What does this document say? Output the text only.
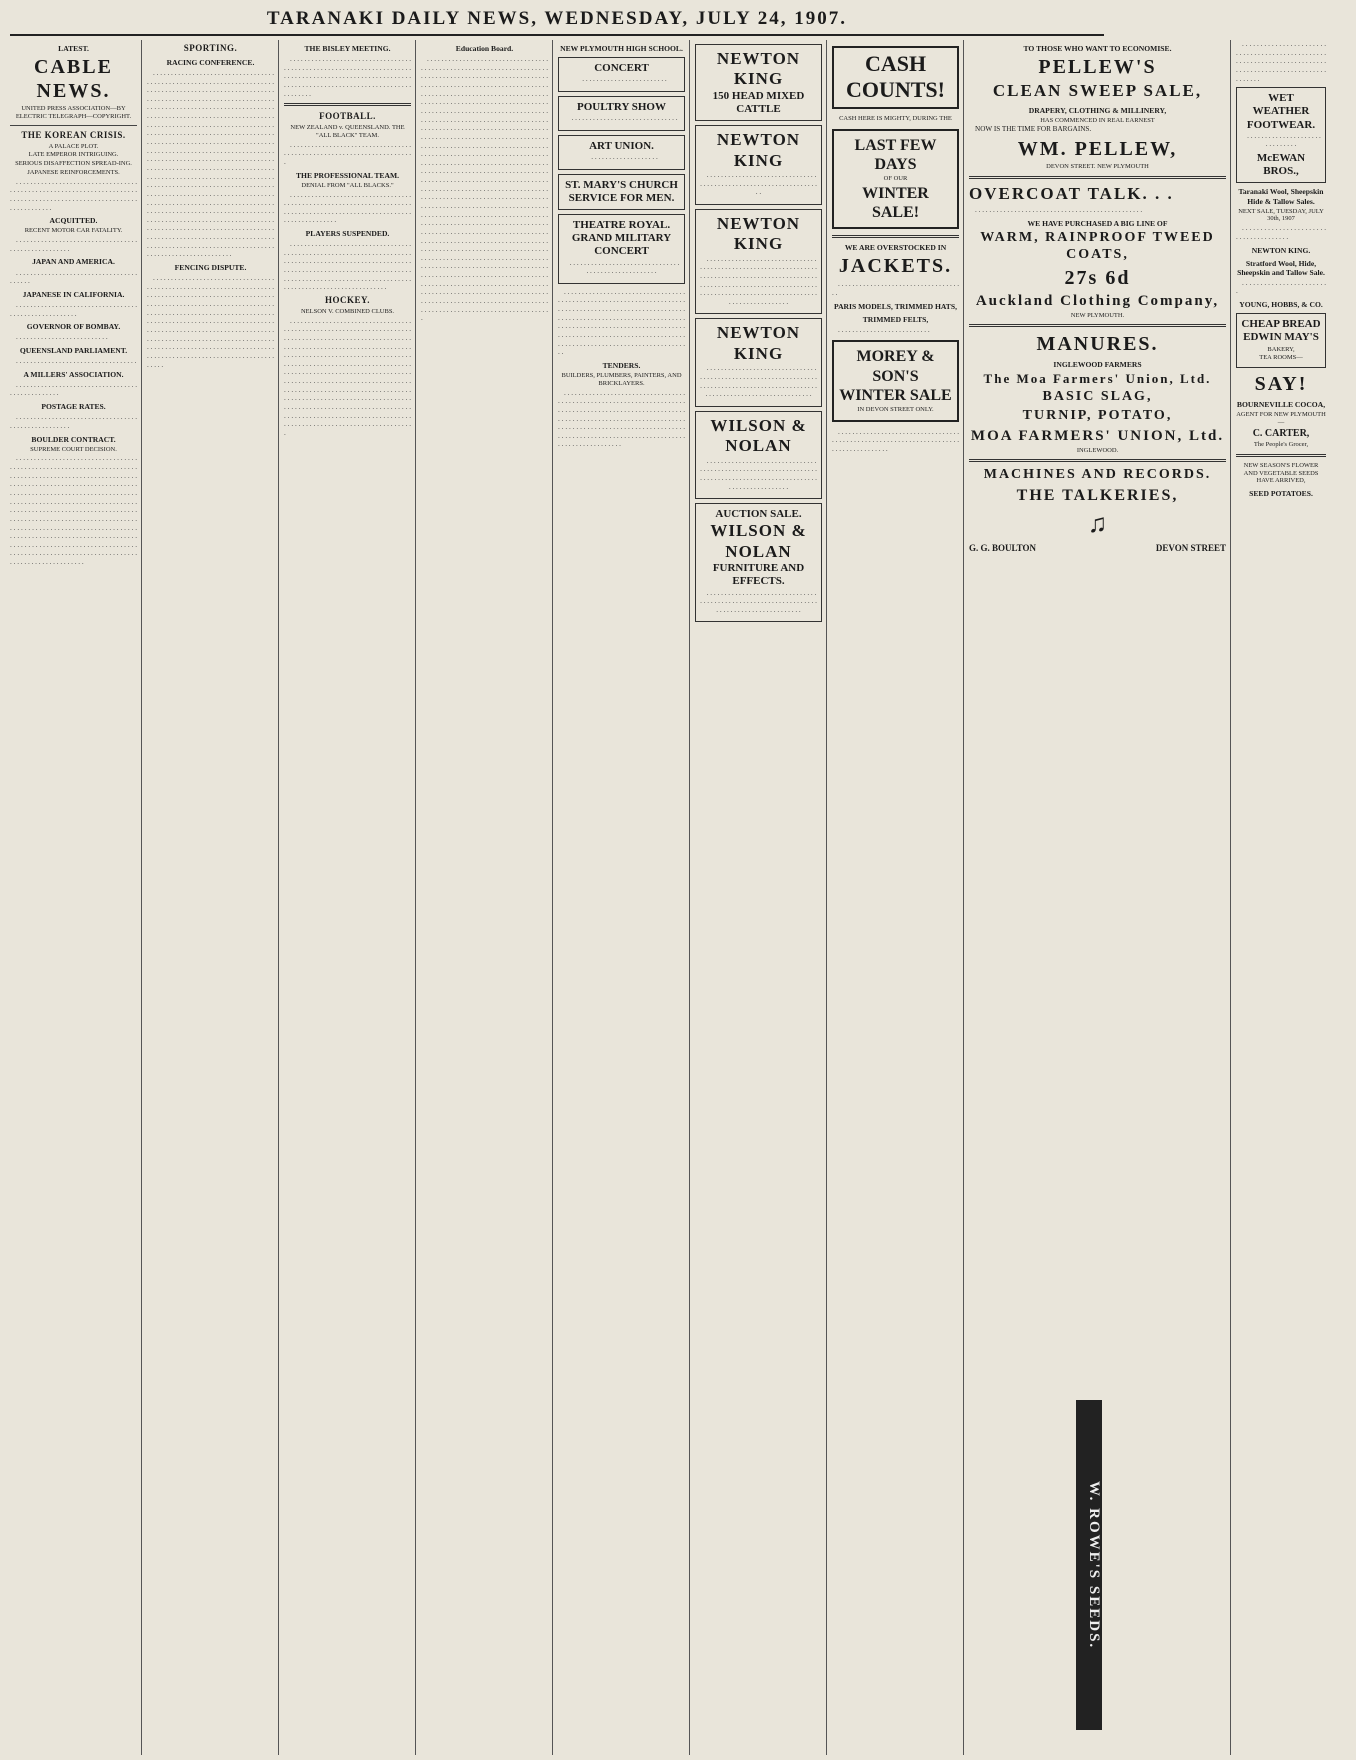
TARANAKI DAILY NEWS, WEDNESDAY, JULY 24, 1907.
LATEST.
CABLE NEWS.
UNITED PRESS ASSOCIATION—BY ELECTRIC TELEGRAPH—COPYRIGHT.
THE KOREAN CRISIS.
A PALACE PLOT.
LATE EMPEROR INTRIGUING.
SERIOUS DISAFFECTION SPREAD-ING.
JAPANESE REINFORCEMENTS.

. . . . . . . . . . . . . . . . . . . . . . . . . . . . . . . . . . . . . . . . . . . . . . . . . . . . . . . . . . . . . . . . . . . . . . . . . . . . . . . . . . . . . . . . . . . . . . . . . . . . . . . . . . . . . . . . . . . .

ACQUITTED.
RECENT MOTOR CAR FATALITY.

. . . . . . . . . . . . . . . . . . . . . . . . . . . . . . . . . . . . . . . . . . . . . . . . . . .

JAPAN AND AMERICA.

. . . . . . . . . . . . . . . . . . . . . . . . . . . . . . . . . . . . . . . .

JAPANESE IN CALIFORNIA.

. . . . . . . . . . . . . . . . . . . . . . . . . . . . . . . . . . . . . . . . . . . . . . . . . . . . .

GOVERNOR OF BOMBAY.

. . . . . . . . . . . . . . . . . . . . . . . . . .

QUEENSLAND PARLIAMENT.

. . . . . . . . . . . . . . . . . . . . . . . . . . . . . . . . . .

A MILLERS' ASSOCIATION.

. . . . . . . . . . . . . . . . . . . . . . . . . . . . . . . . . . . . . . . . . . . . . . . .

POSTAGE RATES.

. . . . . . . . . . . . . . . . . . . . . . . . . . . . . . . . . . . . . . . . . . . . . . . . . . .

BOULDER CONTRACT.
SUPREME COURT DECISION.

. . . . . . . . . . . . . . . . . . . . . . . . . . . . . . . . . . . . . . . . . . . . . . . . . . . . . . . . . . . . . . . . . . . . . . . . . . . . . . . . . . . . . . . . . . . . . . . . . . . . . . . . . . . . . . . . . . . . . . . . . . . . . . . . . . . . . . . . . . . . . . . . . . . . . . . . . . . . . . . . . . . . . . . . . . . . . . . . . . . . . . . . . . . . . . . . . . . . . . . . . . . . . . . . . . . . . . . . . . . . . . . . . . . . . . . . . . . . . . . . . . . . . . . . . . . . . . . . . . . . . . . . . . . . . . . . . . . . . . . . . . . . . . . . . . . . . . . . . . . . . . . . . . . . . . . . . . . . . . . . . . . . . . . . . . . . . . . . . . . . . . . . . . . . . . . . . . . . . . . . . . . . . . . . . . . . . . . . . . . . . . . . . . . . . . . . . . . . . . . . . . . . . . . . . . . . . . . . . . . . . . . . . . . . . . . . . . . . . . . .

SPORTING.
RACING CONFERENCE.

. . . . . . . . . . . . . . . . . . . . . . . . . . . . . . . . . . . . . . . . . . . . . . . . . . . . . . . . . . . . . . . . . . . . . . . . . . . . . . . . . . . . . . . . . . . . . . . . . . . . . . . . . . . . . . . . . . . . . . . . . . . . . . . . . . . . . . . . . . . . . . . . . . . . . . . . . . . . . . . . . . . . . . . . . . . . . . . . . . . . . . . . . . . . . . . . . . . . . . . . . . . . . . . . . . . . . . . . . . . . . . . . . . . . . . . . . . . . . . . . . . . . . . . . . . . . . . . . . . . . . . . . . . . . . . . . . . . . . . . . . . . . . . . . . . . . . . . . . . . . . . . . . . . . . . . . . . . . . . . . . . . . . . . . . . . . . . . . . . . . . . . . . . . . . . . . . . . . . . . . . . . . . . . . . . . . . . . . . . . . . . . . . . . . . . . . . . . . . . . . . . . . . . . . . . . . . . . . . . . . . . . . . . . . . . . . . . . . . . . . . . . . . . . . . . . . . . . . . . . . . . . . . . . . . . . . . . . . . . . . . . . . . . . . . . . . . . . . . . . . . . . . . . . . . . . . . . . . . . . . . . . . . . . . . . . . . . . . . . . . . . . . . . . . . . . . . . . . . . . . . . . . . . . . . . . . . . . . . . . . . . . . . . . . . . . . . . . . . . . . . . . . . . . . . . . . . . . . . . . . . . . . . . . . . . . . . . . . . . . . . . . . . . . . . . . . . . . . . . . . . . . . . . . . . . . . . . . . . . . . . . . . . . . . . . . . . . . . . . . . . . . . . . . . . . . . . . . . . . . . . . . . . . . . . . . . . . . . . . . . . . . . . . . . . . . . . . . . . .

FENCING DISPUTE.

. . . . . . . . . . . . . . . . . . . . . . . . . . . . . . . . . . . . . . . . . . . . . . . . . . . . . . . . . . . . . . . . . . . . . . . . . . . . . . . . . . . . . . . . . . . . . . . . . . . . . . . . . . . . . . . . . . . . . . . . . . . . . . . . . . . . . . . . . . . . . . . . . . . . . . . . . . . . . . . . . . . . . . . . . . . . . . . . . . . . . . . . . . . . . . . . . . . . . . . . . . . . . . . . . . . . . . . . . . . . . . . . . . . . . . . . . . . . . . . . . . . . . . . . . . . . . . . . . . . . . . . . . . . . . . . . . . . . . . . . . . . . . . . . . . . . . . . . . . . . . . . . . . . . . . . . . . . . . . . . . . . . . . . . . . . . . . . . . . . . . . . . . . . . . . . . . .

THE BISLEY MEETING.

. . . . . . . . . . . . . . . . . . . . . . . . . . . . . . . . . . . . . . . . . . . . . . . . . . . . . . . . . . . . . . . . . . . . . . . . . . . . . . . . . . . . . . . . . . . . . . . . . . . . . . . . . . . . . . . . . . . . . . . . . . . . . . . . . . . . . . . . . . . . . . . . . . .

FOOTBALL.
NEW ZEALAND v. QUEENSLAND. THE "ALL BLACK" TEAM.

. . . . . . . . . . . . . . . . . . . . . . . . . . . . . . . . . . . . . . . . . . . . . . . . . . . . . . . . . . . . . . . . . . . . . .

THE PROFESSIONAL TEAM.
DENIAL FROM "ALL BLACKS."

. . . . . . . . . . . . . . . . . . . . . . . . . . . . . . . . . . . . . . . . . . . . . . . . . . . . . . . . . . . . . . . . . . . . . . . . . . . . . . . . . . . . . . . . . . . . . . . . . . . . . . . . . . . . . . . . . . . . . . .

PLAYERS SUSPENDED.

. . . . . . . . . . . . . . . . . . . . . . . . . . . . . . . . . . . . . . . . . . . . . . . . . . . . . . . . . . . . . . . . . . . . . . . . . . . . . . . . . . . . . . . . . . . . . . . . . . . . . . . . . . . . . . . . . . . . . . . . . . . . . . . . . . . . . . . . . . . . . . . . . . . . . . . . . . . . . . . . . . . . . . . . . . . . . . . . . . . . . . . . . . . . . . . . . . . . . . . . . . .

HOCKEY.
NELSON V. COMBINED CLUBS.

. . . . . . . . . . . . . . . . . . . . . . . . . . . . . . . . . . . . . . . . . . . . . . . . . . . . . . . . . . . . . . . . . . . . . . . . . . . . . . . . . . . . . . . . . . . . . . . . . . . . . . . . . . . . . . . . . . . . . . . . . . . . . . . . . . . . . . . . . . . . . . . . . . . . . . . . . . . . . . . . . . . . . . . . . . . . . . . . . . . . . . . . . . . . . . . . . . . . . . . . . . . . . . . . . . . . . . . . . . . . . . . . . . . . . . . . . . . . . . . . . . . . . . . . . . . . . . . . . . . . . . . . . . . . . . . . . . . . . . . . . . . . . . . . . . . . . . . . . . . . . . . . . . . . . . . . . . . . . . . . . . . . . . . . . . . . . . . . . . . . . . . . . . . . . . . . . . . . . . . . . . . . . . . . . . . . . . . . . . . . . . . . . . . . . . . . . . . . . . . . . . . . . . . . . . . . . . . . . . . . . . . . . . . . . . . . . . . . . . . . . . . . . . . . . . . . . . .

Education Board.

. . . . . . . . . . . . . . . . . . . . . . . . . . . . . . . . . . . . . . . . . . . . . . . . . . . . . . . . . . . . . . . . . . . . . . . . . . . . . . . . . . . . . . . . . . . . . . . . . . . . . . . . . . . . . . . . . . . . . . . . . . . . . . . . . . . . . . . . . . . . . . . . . . . . . . . . . . . . . . . . . . . . . . . . . . . . . . . . . . . . . . . . . . . . . . . . . . . . . . . . . . . . . . . . . . . . . . . . . . . . . . . . . . . . . . . . . . . . . . . . . . . . . . . . . . . . . . . . . . . . . . . . . . . . . . . . . . . . . . . . . . . . . . . . . . . . . . . . . . . . . . . . . . . . . . . . . . . . . . . . . . . . . . . . . . . . . . . . . . . . . . . . . . . . . . . . . . . . . . . . . . . . . . . . . . . . . . . . . . . . . . . . . . . . . . . . . . . . . . . . . . . . . . . . . . . . . . . . . . . . . . . . . . . . . . . . . . . . . . . . . . . . . . . . . . . . . . . . . . . . . . . . . . . . . . . . . . . . . . . . . . . . . . . . . . . . . . . . . . . . . . . . . . . . . . . . . . . . . . . . . . . . . . . . . . . . . . . . . . . . . . . . . . . . . . . . . . . . . . . . . . . . . . . . . . . . . . . . . . . . . . . . . . . . . . . . . . . . . . . . . . . . . . . . . . . . . . . . . . . . . . . . . . . . . . . . . . . . . . . . . . . . . . . . . . . . . . . . . . . . . . . . . . . . . . . . . . . . . . . . . . . . . . . . . . . . . . . . . . . . . . . . . . . . . . . . . . . . . . . . . . . . . . . . . . . . . . . . . . . . . . . . . . . . . . . . . . . . . . . . . . . . . . . . . . . . . . . . . . . . . . . . . . . . . . . . . . . . . . . . . . . . . . . . . . . . . . . . . . . . . . . . . . . . . . . . . . . . . . . . . . . . . . . . . . . . . . . . . . . . . . . . . . . . . . . . . . . . . . . . . . . . . . . . . . . . . . . . . . . . . . . . . . . . . . . . . . . . . . . . . . . . . . . . . . . . . . . . . . . . . . . . . . . . . . . . . . . . . . . . . . . . . . . . . . . . . . . . . . . . . . . . . . . . . . . . . . . . . . . . . . . . . . . . . . . . . . . . . . . . . . . . . . . . . . . . . . . . . . . . . . . . . . . . . .

NEW PLYMOUTH HIGH SCHOOL.
CONCERT

. . . . . . . . . . . . . . . . . . . . . . . .

POULTRY SHOW

. . . . . . . . . . . . . . . . . . . . . . . . . . . . . .

ART UNION.

. . . . . . . . . . . . . . . . . . .

ST. MARY'S CHURCH
SERVICE FOR MEN.
THEATRE ROYAL.
GRAND MILITARY CONCERT

. . . . . . . . . . . . . . . . . . . . . . . . . . . . . . . . . . . . . . . . . . . . . . . . . . .

. . . . . . . . . . . . . . . . . . . . . . . . . . . . . . . . . . . . . . . . . . . . . . . . . . . . . . . . . . . . . . . . . . . . . . . . . . . . . . . . . . . . . . . . . . . . . . . . . . . . . . . . . . . . . . . . . . . . . . . . . . . . . . . . . . . . . . . . . . . . . . . . . . . . . . . . . . . . . . . . . . . . . . . . . . . . . . . . . . . . . . . . . . . . . . . . . . . . . . . . . . . . . . . . . . . . . . . . . . . . . . . . . . . . . . . . . . . . . . . . . . . . . .

TENDERS.
BUILDERS, PLUMBERS, PAINTERS, AND BRICKLAYERS.

. . . . . . . . . . . . . . . . . . . . . . . . . . . . . . . . . . . . . . . . . . . . . . . . . . . . . . . . . . . . . . . . . . . . . . . . . . . . . . . . . . . . . . . . . . . . . . . . . . . . . . . . . . . . . . . . . . . . . . . . . . . . . . . . . . . . . . . . . . . . . . . . . . . . . . . . . . . . . . . . . . . . . . . . . . . . . . . . . . . . . . . . . . . . . . . . . . . . . . . . . . . . . . . . . . . . . . . . . . . . . . . . . . .

NEWTON KING
150 HEAD MIXED CATTLE
NEWTON KING

. . . . . . . . . . . . . . . . . . . . . . . . . . . . . . . . . . . . . . . . . . . . . . . . . . . . . . . . . . . . . . . . . .

NEWTON KING

. . . . . . . . . . . . . . . . . . . . . . . . . . . . . . . . . . . . . . . . . . . . . . . . . . . . . . . . . . . . . . . . . . . . . . . . . . . . . . . . . . . . . . . . . . . . . . . . . . . . . . . . . . . . . . . . . . . . . . . . . . . . . . . . . . . . . . . . . . . . . . . . . . . . . . . . . . . . . . . . . . . . . . . . . . . . . . . . . . . .

NEWTON KING

. . . . . . . . . . . . . . . . . . . . . . . . . . . . . . . . . . . . . . . . . . . . . . . . . . . . . . . . . . . . . . . . . . . . . . . . . . . . . . . . . . . . . . . . . . . . . . . . . . . . . . . . . . . . . . . . . . . . . . . . . . . . . . .

WILSON & NOLAN

. . . . . . . . . . . . . . . . . . . . . . . . . . . . . . . . . . . . . . . . . . . . . . . . . . . . . . . . . . . . . . . . . . . . . . . . . . . . . . . . . . . . . . . . . . . . . . . . . . . . . . . . . . . . . . . . . .

AUCTION SALE.
WILSON & NOLAN
FURNITURE AND EFFECTS.

. . . . . . . . . . . . . . . . . . . . . . . . . . . . . . . . . . . . . . . . . . . . . . . . . . . . . . . . . . . . . . . . . . . . . . . . . . . . . . . . . . . . . . . .

CASH COUNTS!
CASH HERE IS MIGHTY, DURING THE
LAST FEW DAYS
OF OUR
WINTER SALE!
WE ARE OVERSTOCKED IN
JACKETS.

. . . . . . . . . . . . . . . . . . . . . . . . . . . . . . . . . . . .

PARIS MODELS, TRIMMED HATS,
TRIMMED FELTS,

. . . . . . . . . . . . . . . . . . . . . . . . . .

MOREY & SON'S
WINTER SALE
IN DEVON STREET ONLY.

. . . . . . . . . . . . . . . . . . . . . . . . . . . . . . . . . . . . . . . . . . . . . . . . . . . . . . . . . . . . . . . . . . . . . . . . . . . . . . . . . . . . .

TO THOSE WHO WANT TO ECONOMISE.
PELLEW'S
CLEAN SWEEP SALE,
DRAPERY, CLOTHING & MILLINERY,
HAS COMMENCED IN REAL EARNEST

NOW IS THE TIME FOR BARGAINS.

WM. PELLEW,
DEVON STREET. NEW PLYMOUTH
OVERCOAT TALK. . .

. . . . . . . . . . . . . . . . . . . . . . . . . . . . . . . . . . . . . . . . . . . . . . .

WE HAVE PURCHASED A BIG LINE OF
WARM, RAINPROOF TWEED COATS,
27s 6d
Auckland Clothing Company,
NEW PLYMOUTH.
MANURES.
INGLEWOOD FARMERS
The Moa Farmers' Union, Ltd.
BASIC SLAG,
TURNIP, POTATO,
MOA FARMERS' UNION, Ltd.
INGLEWOOD.
MACHINES AND RECORDS.
THE TALKERIES,
♫
G. G. BOULTON	DEVON STREET

. . . . . . . . . . . . . . . . . . . . . . . . . . . . . . . . . . . . . . . . . . . . . . . . . . . . . . . . . . . . . . . . . . . . . . . . . . . . . . . . . . . . . . . . . . . . . . . . . . . . . . . . .

WET WEATHER FOOTWEAR.

. . . . . . . . . . . . . . . . . . . . . . . . . . . . . .

McEWAN BROS.,
Taranaki Wool, Sheepskin Hide & Tallow Sales.
NEXT SALE, TUESDAY, JULY 30th, 1907

. . . . . . . . . . . . . . . . . . . . . . . . . . . . . . . . . . . . . .

NEWTON KING.
Stratford Wool, Hide, Sheepskin and Tallow Sale.

. . . . . . . . . . . . . . . . . . . . . . . .

YOUNG, HOBBS, & CO.
CHEAP BREAD
EDWIN MAY'S
BAKERY,
TEA ROOMS—
SAY!
BOURNEVILLE COCOA,
AGENT FOR NEW PLYMOUTH—
C. CARTER,
The People's Grocer,
NEW SEASON'S FLOWER AND VEGETABLE SEEDS HAVE ARRIVED,
SEED POTATOES.
W. ROWE'S SEEDS.
